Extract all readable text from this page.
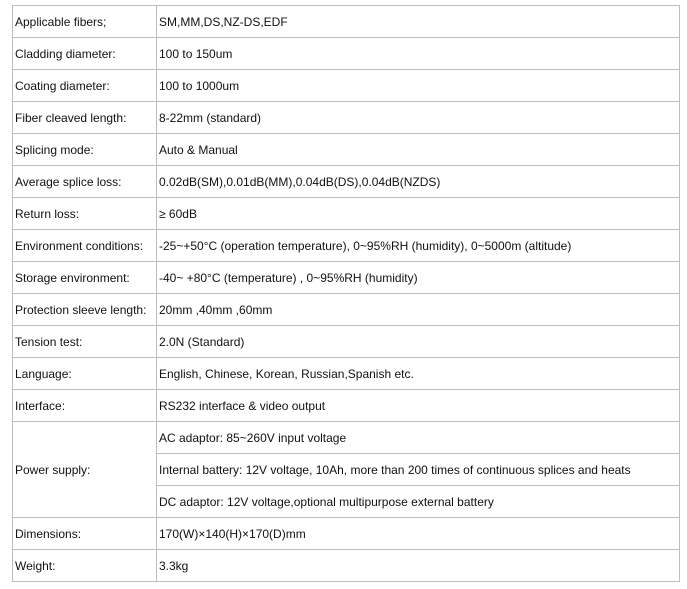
Applicable fibers;	SM,MM,DS,NZ-DS,EDF
Cladding diameter:	100 to 150um
Coating diameter:	100 to 1000um
Fiber cleaved length:	8-22mm (standard)
Splicing mode:	Auto & Manual
Average splice loss:	0.02dB(SM),0.01dB(MM),0.04dB(DS),0.04dB(NZDS)
Return loss:	≥ 60dB
Environment conditions:	-25~+50°C (operation temperature), 0~95%RH (humidity), 0~5000m (altitude)
Storage environment:	-40~ +80°C (temperature) , 0~95%RH (humidity)
Protection sleeve length:	20mm ,40mm ,60mm
Tension test:	2.0N (Standard)
Language:	English, Chinese, Korean, Russian,Spanish etc.
Interface:	RS232 interface & video output
Power supply:	AC adaptor: 85~260V input voltage
	Internal battery: 12V voltage, 10Ah, more than 200 times of continuous splices and heats
	DC adaptor: 12V voltage,optional multipurpose external battery
Dimensions:	170(W)×140(H)×170(D)mm
Weight:	3.3kg
